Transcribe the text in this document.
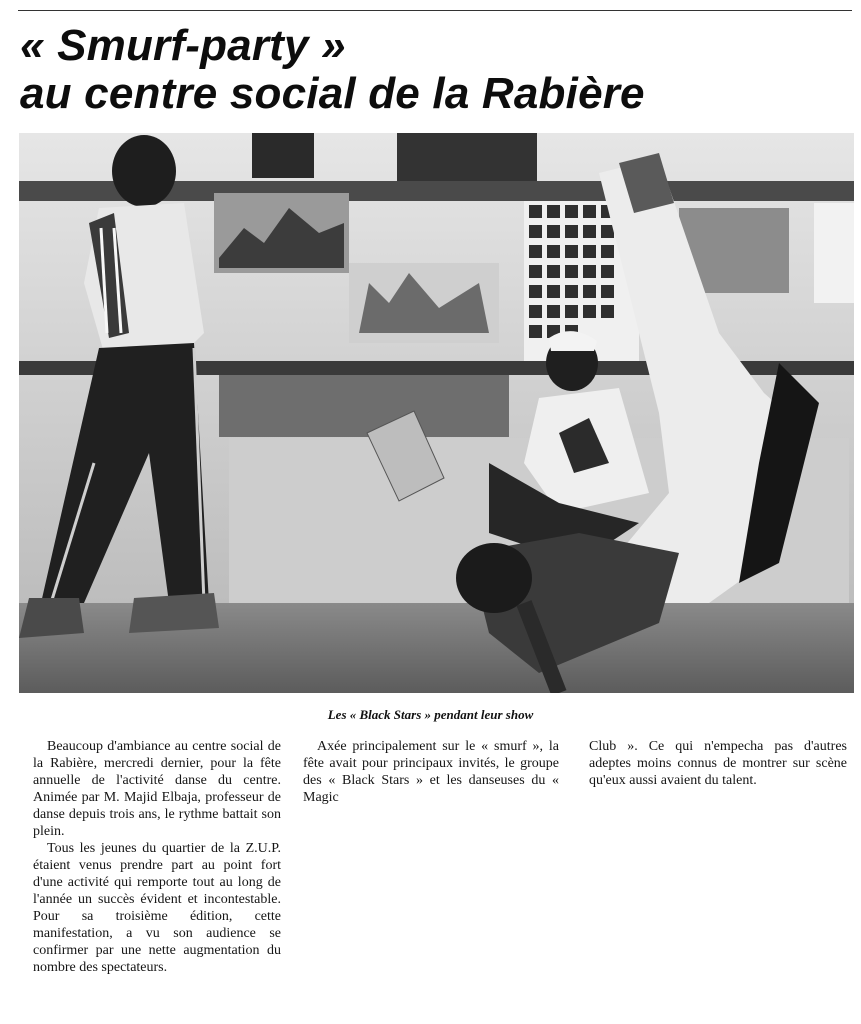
« Smurf-party »
au centre social de la Rabière
Les « Black Stars » pendant leur show

Beaucoup d'ambiance au centre social de la Rabière, mercredi dernier, pour la fête annuelle de l'activité danse du centre. Animée par M. Majid Elbaja, professeur de danse depuis trois ans, le rythme battait son plein.

Tous les jeunes du quartier de la Z.U.P. étaient venus prendre part au point fort d'une activité qui remporte tout au long de l'année un succès évident et incontestable. Pour sa troisième édition, cette manifestation, a vu son audience se confirmer par une nette augmentation du nombre des spectateurs.

Axée principalement sur le « smurf », la fête avait pour principaux invités, le groupe des « Black Stars » et les danseuses du « Magic

Club ». Ce qui n'empecha pas d'autres adeptes moins connus de montrer sur scène qu'eux aussi avaient du talent.
